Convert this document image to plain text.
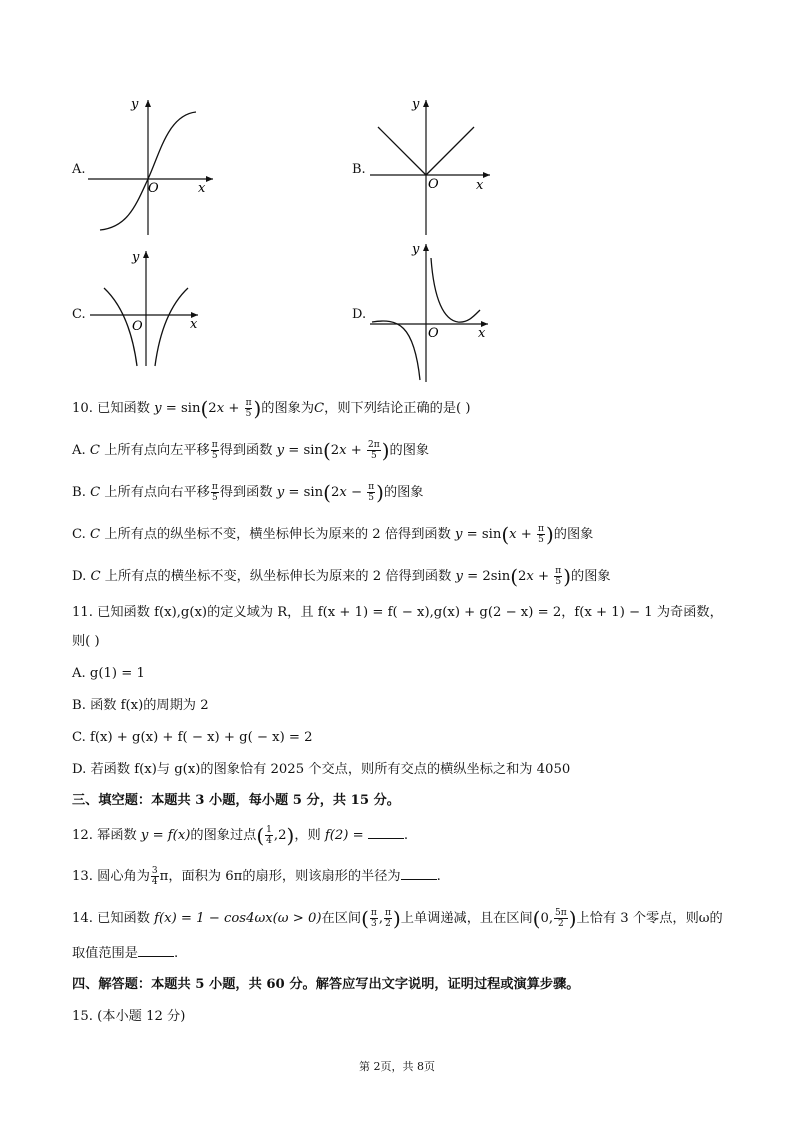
A.
y
x
O
B.
y
x
O
C.
y
x
O
D.
y
x
O
10. 已知函数 $y = \sin(2x + \frac{\pi}{5}$ )的图象为C，则下列结论正确的是( )
A. C 上所有点向左平移 $\frac{\pi}{5}$ 得到函数 $y = \sin(2x + \frac{2\pi}{5}$ )的图象
B. C 上所有点向右平移 $\frac{\pi}{5}$ 得到函数 $y = \sin(2x - \frac{\pi}{5}$ )的图象
C. C 上所有点的纵坐标不变，横坐标伸长为原来的 2 倍得到函数 $y = \sin(x + \frac{\pi}{5}$ )的图象
D. C 上所有点的横坐标不变，纵坐标伸长为原来的 2 倍得到函数 $y = 2\sin(2x + \frac{\pi}{5}$ )的图象
11. 已知函数 f(x),g(x)的定义域为 R，且 f(x + 1) = f( − x),g(x) + g(2 − x) = 2，f(x + 1) − 1 为奇函数，
则( )
A. g(1) = 1
B. 函数 f(x)的周期为 2
C. f(x) + g(x) + f( − x) + g( − x) = 2
D. 若函数 f(x)与 g(x)的图象恰有 2025 个交点，则所有交点的横纵坐标之和为 4050
三、填空题：本题共 3 小题，每小题 5 分，共 15 分。
12. 幂函数 y = f(x)的图象过点( $\frac{1}{4} ,2$)，则 f(2) =	.
13. 圆心角为 $\frac{3}{4}$ π，面积为 6π的扇形，则该扇形的半径为	.
14. 已知函数 f(x) = 1 − cos4ωx(ω > 0)在区间( $\frac{\pi}{3}$ , $\frac{\pi}{2}$ )上单调递减，且在区间(0, $\frac{5\pi}{2}$ )上恰有 3 个零点，则ω的
取值范围是	.
四、解答题：本题共 5 小题，共 60 分。解答应写出文字说明，证明过程或演算步骤。
15. (本小题 12 分)
第 2页，共 8页
